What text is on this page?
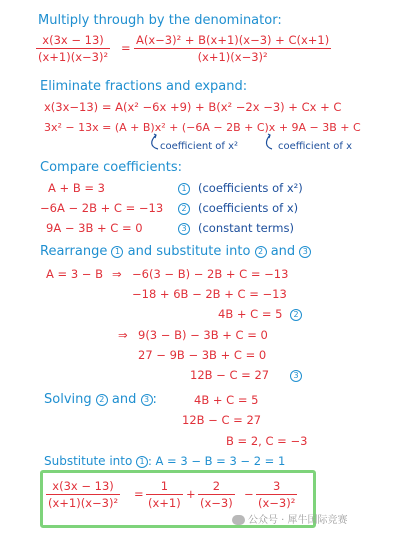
Multiply through by the denominator:
x(3x − 13)
(x+1)(x−3)²
=
A(x−3)² + B(x+1)(x−3) + C(x+1)
(x+1)(x−3)²
Eliminate fractions and expand:
x(3x−13) = A(x² −6x +9) + B(x² −2x −3) + Cx + C
3x² − 13x = (A + B)x² + (−6A − 2B + C)x + 9A − 3B + C
coefficient of x²	coefficient of x
Compare coefficients:
A + B = 3	1 (coefficients of x²)
−6A − 2B + C = −13	2 (coefficients of x)
9A − 3B + C = 0	3 (constant terms)
Rearrange 1 and substitute into 2 and 3
A = 3 − B ⇒ −6(3 − B) − 2B + C = −13
−18 + 6B − 2B + C = −13
4B + C = 5	2
⇒ 9(3 − B) − 3B + C = 0
27 − 9B − 3B + C = 0
12B − C = 27	3
Solving 2 and 3 :	4B + C = 5
12B − C = 27
B = 2, C = −3
Substitute into 1 : A = 3 − B = 3 − 2 = 1
x(3x − 13)
(x+1)(x−3)²
=
1
(x+1)
+
2
(x−3)
−
3
(x−3)²
公众号 · 犀牛国际竞赛
